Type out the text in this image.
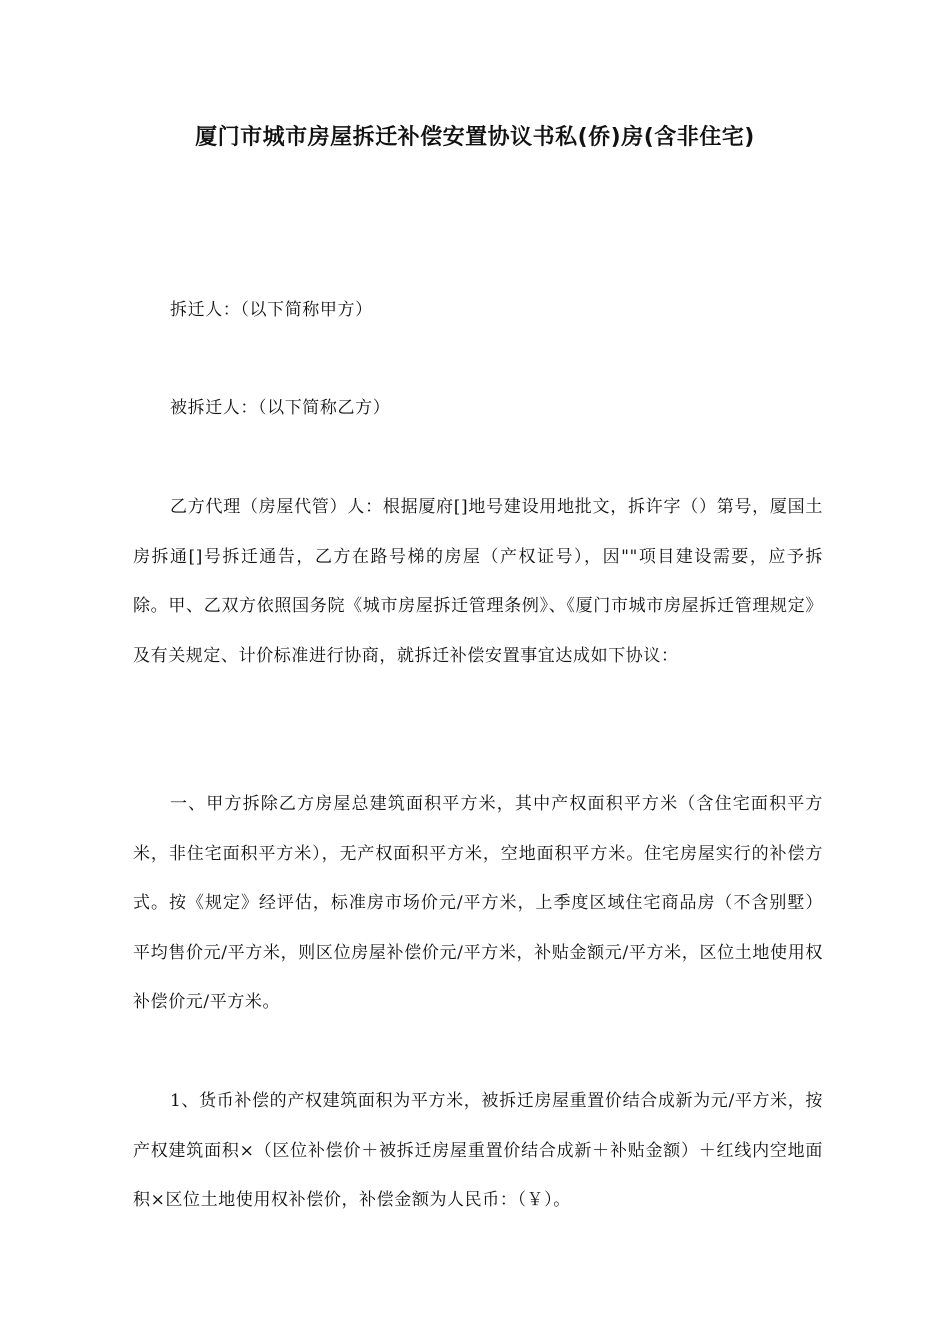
厦门市城市房屋拆迁补偿安置协议书私(侨)房(含非住宅)

拆迁人：（以下简称甲方）

被拆迁人：（以下简称乙方）

乙方代理（房屋代管）人：根据厦府[]地号建设用地批文，拆许字（）第号，厦国土房拆通[]号拆迁通告，乙方在路号梯的房屋（产权证号），因""项目建设需要，应予拆除。甲、乙双方依照国务院《城市房屋拆迁管理条例》、《厦门市城市房屋拆迁管理规定》及有关规定、计价标准进行协商，就拆迁补偿安置事宜达成如下协议：

一、甲方拆除乙方房屋总建筑面积平方米，其中产权面积平方米（含住宅面积平方米，非住宅面积平方米），无产权面积平方米，空地面积平方米。住宅房屋实行的补偿方式。按《规定》经评估，标准房市场价元/平方米，上季度区域住宅商品房（不含别墅）平均售价元/平方米，则区位房屋补偿价元/平方米，补贴金额元/平方米，区位土地使用权补偿价元/平方米。

1、货币补偿的产权建筑面积为平方米，被拆迁房屋重置价结合成新为元/平方米，按产权建筑面积×（区位补偿价＋被拆迁房屋重置价结合成新＋补贴金额）＋红线内空地面积×区位土地使用权补偿价，补偿金额为人民币：（￥）。
